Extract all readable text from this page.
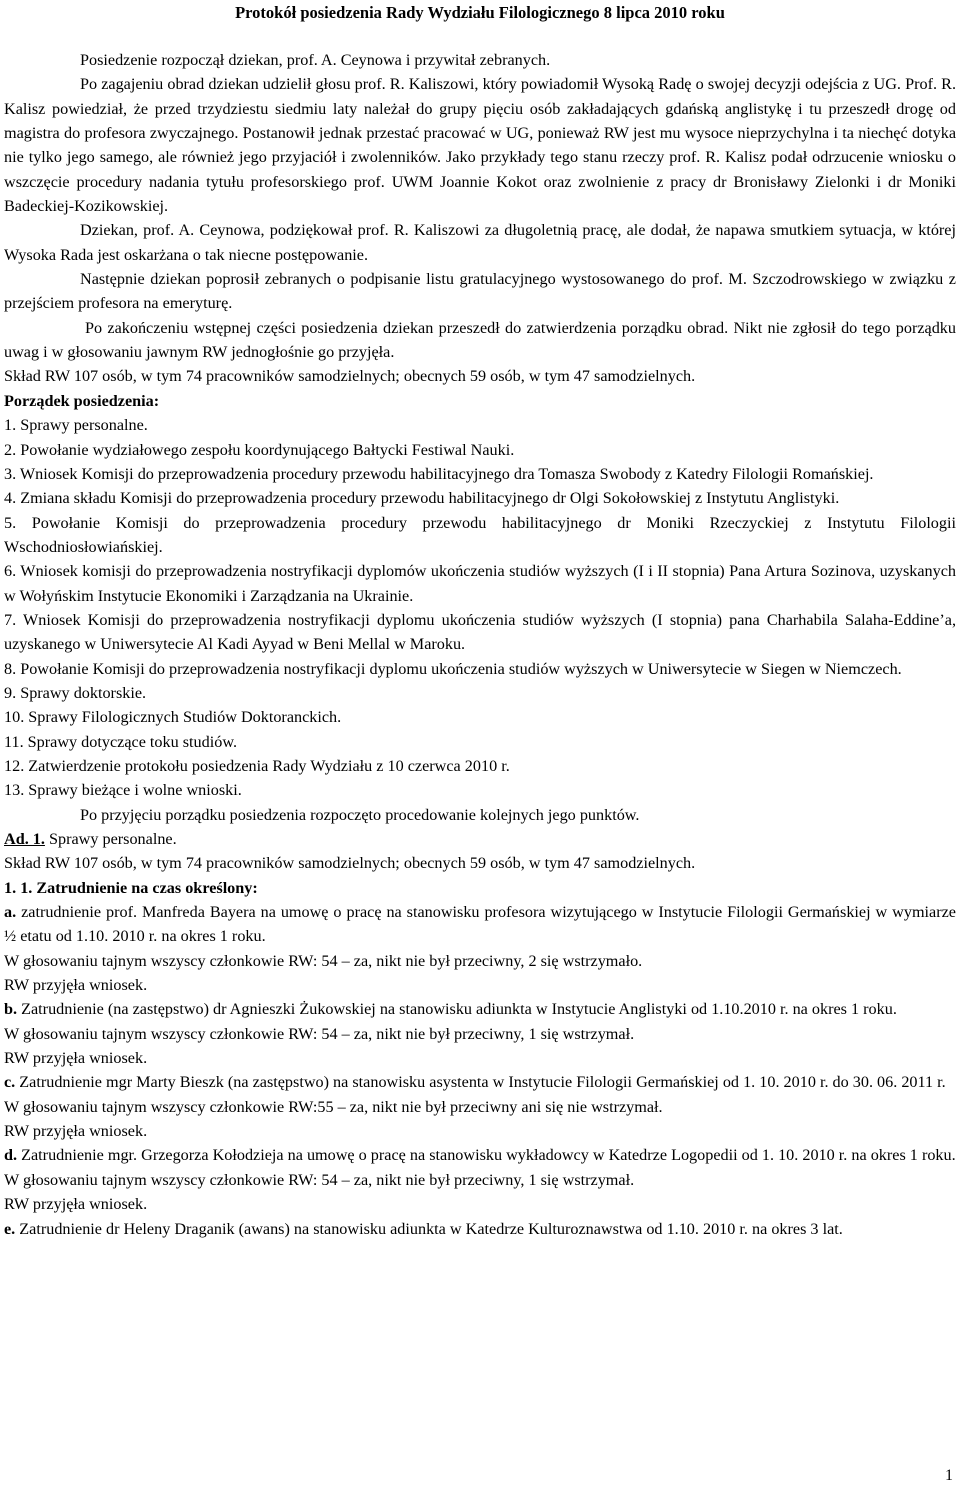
Protokół posiedzenia Rady Wydziału Filologicznego 8 lipca 2010 roku

Posiedzenie rozpoczął dziekan, prof. A. Ceynowa i przywitał zebranych.

Po zagajeniu obrad dziekan udzielił głosu prof. R. Kaliszowi, który powiadomił Wysoką Radę o swojej decyzji odejścia z UG. Prof. R. Kalisz powiedział, że przed trzydziestu siedmiu laty należał do grupy pięciu osób zakładających gdańską anglistykę i tu przeszedł drogę od magistra do profesora zwyczajnego. Postanowił jednak przestać pracować w UG, ponieważ RW jest mu wysoce nieprzychylna i ta niechęć dotyka nie tylko jego samego, ale również jego przyjaciół i zwolenników. Jako przykłady tego stanu rzeczy prof. R. Kalisz podał odrzucenie wniosku o wszczęcie procedury nadania tytułu profesorskiego prof. UWM Joannie Kokot oraz zwolnienie z pracy dr Bronisławy Zielonki i dr Moniki Badeckiej-Kozikowskiej.

Dziekan, prof. A. Ceynowa, podziękował prof. R. Kaliszowi za długoletnią pracę, ale dodał, że napawa smutkiem sytuacja, w której Wysoka Rada jest oskarżana o tak niecne postępowanie.

Następnie dziekan poprosił zebranych o podpisanie listu gratulacyjnego wystosowanego do prof. M. Szczodrowskiego w związku z przejściem profesora na emeryturę.

Po zakończeniu wstępnej części posiedzenia dziekan przeszedł do zatwierdzenia porządku obrad. Nikt nie zgłosił do tego porządku uwag i w głosowaniu jawnym RW jednogłośnie go przyjęła.

Skład RW 107 osób, w tym 74 pracowników samodzielnych; obecnych 59 osób, w tym 47 samodzielnych.

Porządek posiedzenia:

1. Sprawy personalne.

2. Powołanie wydziałowego zespołu koordynującego Bałtycki Festiwal Nauki.

3. Wniosek Komisji do przeprowadzenia procedury przewodu habilitacyjnego dra Tomasza Swobody z Katedry Filologii Romańskiej.

4. Zmiana składu Komisji do przeprowadzenia procedury przewodu habilitacyjnego dr Olgi Sokołowskiej z Instytutu Anglistyki.

5. Powołanie Komisji do przeprowadzenia procedury przewodu habilitacyjnego dr Moniki Rzeczyckiej z Instytutu Filologii Wschodniosłowiańskiej.

6. Wniosek komisji do przeprowadzenia nostryfikacji dyplomów ukończenia studiów wyższych (I i II stopnia) Pana Artura Sozinova, uzyskanych w Wołyńskim Instytucie Ekonomiki i Zarządzania na Ukrainie.

7. Wniosek Komisji do przeprowadzenia nostryfikacji dyplomu ukończenia studiów wyższych (I stopnia) pana Charhabila Salaha-Eddine’a, uzyskanego w Uniwersytecie Al Kadi Ayyad w Beni Mellal w Maroku.

8. Powołanie Komisji do przeprowadzenia nostryfikacji dyplomu ukończenia studiów wyższych w Uniwersytecie w Siegen w Niemczech.

9. Sprawy doktorskie.

10. Sprawy Filologicznych Studiów Doktoranckich.

11. Sprawy dotyczące toku studiów.

12. Zatwierdzenie protokołu posiedzenia Rady Wydziału z 10 czerwca 2010 r.

13. Sprawy bieżące i wolne wnioski.

Po przyjęciu porządku posiedzenia rozpoczęto procedowanie kolejnych jego punktów.

Ad. 1. Sprawy personalne.

Skład RW 107 osób, w tym 74 pracowników samodzielnych; obecnych 59 osób, w tym 47 samodzielnych.

1. 1. Zatrudnienie na czas określony:

a. zatrudnienie prof. Manfreda Bayera na umowę o pracę na stanowisku profesora wizytującego w Instytucie Filologii Germańskiej w wymiarze ½ etatu od 1.10. 2010 r. na okres 1 roku.

W głosowaniu tajnym wszyscy członkowie RW: 54 – za, nikt nie był przeciwny, 2 się wstrzymało.

RW przyjęła wniosek.

b. Zatrudnienie (na zastępstwo) dr Agnieszki Żukowskiej na stanowisku adiunkta w Instytucie Anglistyki od 1.10.2010 r. na okres 1 roku.

W głosowaniu tajnym wszyscy członkowie RW: 54 – za, nikt nie był przeciwny, 1 się wstrzymał.

RW przyjęła wniosek.

c. Zatrudnienie mgr Marty Bieszk (na zastępstwo) na stanowisku asystenta w Instytucie Filologii Germańskiej od 1. 10. 2010 r. do 30. 06. 2011 r.

W głosowaniu tajnym wszyscy członkowie RW:55 – za, nikt nie był przeciwny ani się nie wstrzymał.

RW przyjęła wniosek.

d. Zatrudnienie mgr. Grzegorza Kołodzieja na umowę o pracę na stanowisku wykładowcy w Katedrze Logopedii od 1. 10. 2010 r. na okres 1 roku.

W głosowaniu tajnym wszyscy członkowie RW: 54 – za, nikt nie był przeciwny, 1 się wstrzymał.

RW przyjęła wniosek.

e. Zatrudnienie dr Heleny Draganik (awans) na stanowisku adiunkta w Katedrze Kulturoznawstwa od 1.10. 2010 r. na okres 3 lat.

1
